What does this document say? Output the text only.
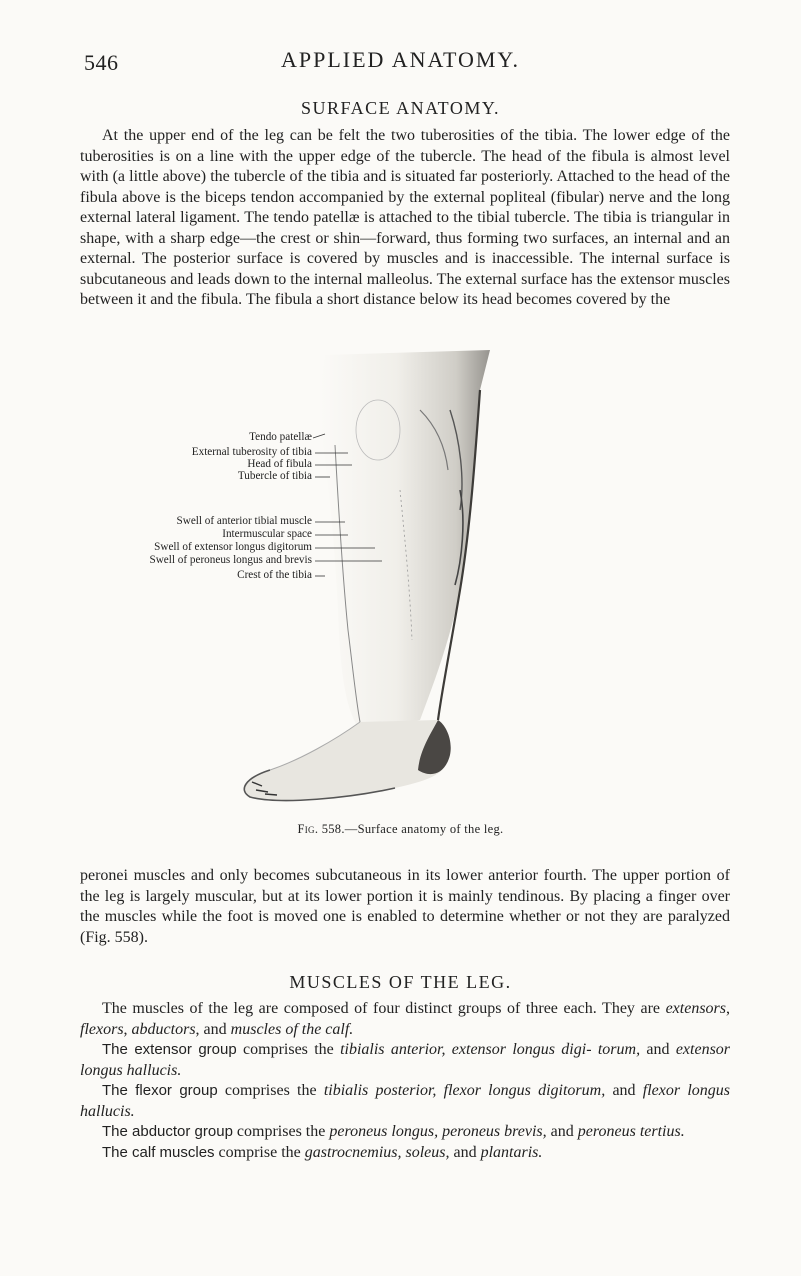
546	APPLIED ANATOMY.
SURFACE ANATOMY.

At the upper end of the leg can be felt the two tuberosities of the tibia. The lower edge of the tuberosities is on a line with the upper edge of the tubercle. The head of the fibula is almost level with (a little above) the tubercle of the tibia and is situated far posteriorly. Attached to the head of the fibula above is the biceps tendon accompanied by the external popliteal (fibular) nerve and the long external lateral ligament. The tendo patellæ is attached to the tibial tubercle. The tibia is triangular in shape, with a sharp edge—the crest or shin—forward, thus forming two surfaces, an internal and an external. The posterior surface is covered by muscles and is inaccessible. The internal surface is subcutaneous and leads down to the internal malleolus. The external surface has the extensor muscles between it and the fibula. The fibula a short distance below its head becomes covered by the

Tendo patellæ
External tuberosity of tibia
Head of fibula
Tubercle of tibia
Swell of anterior tibial muscle
Intermuscular space
Swell of extensor longus digitorum
Swell of peroneus longus and brevis
Crest of the tibia
Fig. 558.—Surface anatomy of the leg.

peronei muscles and only becomes subcutaneous in its lower anterior fourth. The upper portion of the leg is largely muscular, but at its lower portion it is mainly tendinous. By placing a finger over the muscles while the foot is moved one is enabled to determine whether or not they are paralyzed (Fig. 558).

MUSCLES OF THE LEG.
The muscles of the leg are composed of four distinct groups of three each. They are extensors, flexors, abductors, and muscles of the calf.
The extensor group comprises the tibialis anterior, extensor longus digi- torum, and extensor longus hallucis.
The flexor group comprises the tibialis posterior, flexor longus digitorum, and flexor longus hallucis.
The abductor group comprises the peroneus longus, peroneus brevis, and peroneus tertius.
The calf muscles comprise the gastrocnemius, soleus, and plantaris.
